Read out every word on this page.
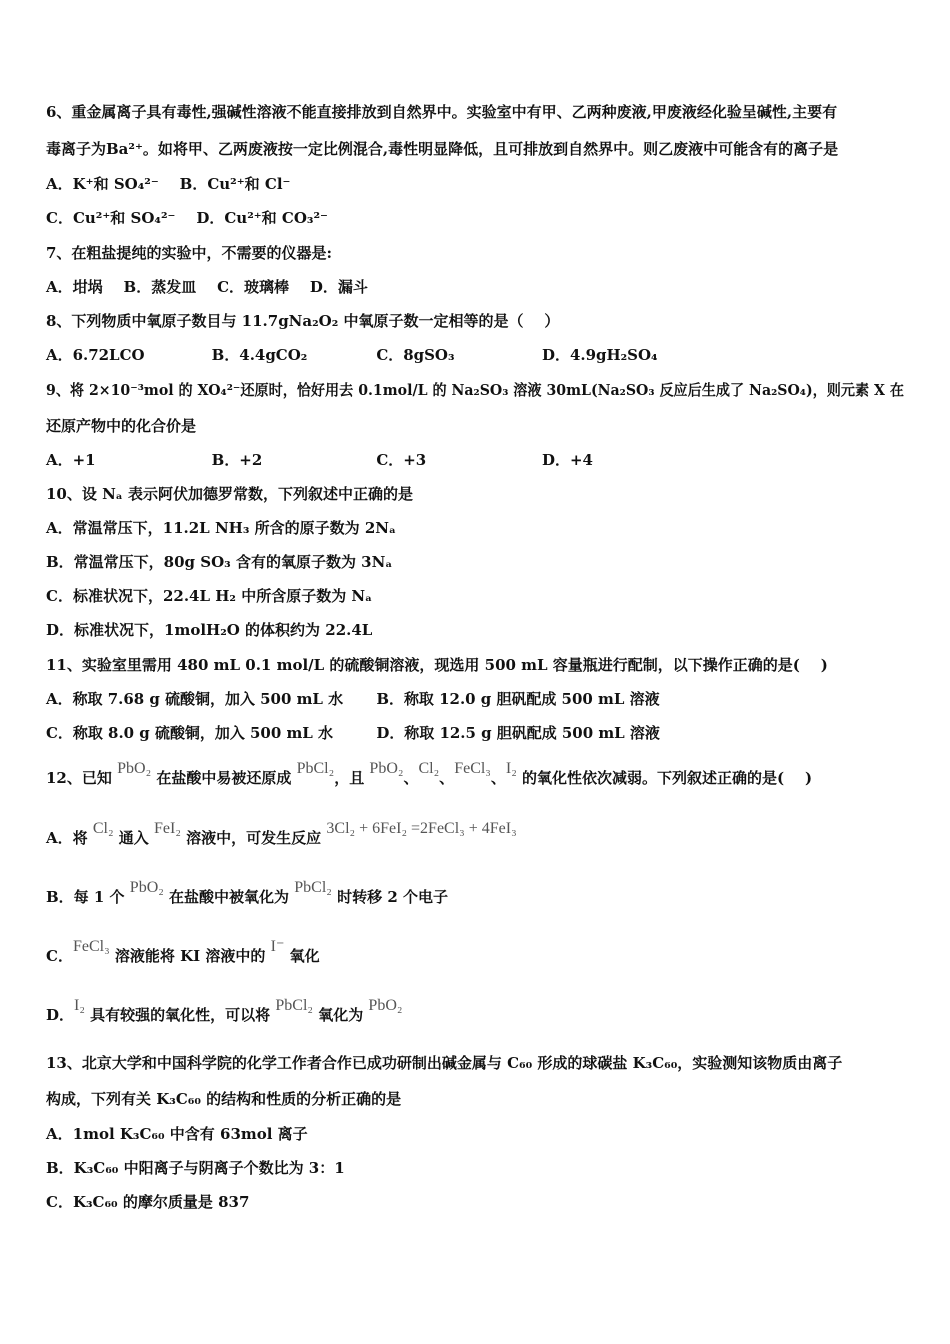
6、重金属离子具有毒性,强碱性溶液不能直接排放到自然界中。实验室中有甲、乙两种废液,甲废液经化验呈碱性,主要有
毒离子为Ba²⁺。如将甲、乙两废液按一定比例混合,毒性明显降低，且可排放到自然界中。则乙废液中可能含有的离子是
A．K⁺和 SO₄²⁻    B．Cu²⁺和 Cl⁻
C．Cu²⁺和 SO₄²⁻    D．Cu²⁺和 CO₃²⁻
7、在粗盐提纯的实验中，不需要的仪器是:
A．坩埚    B．蒸发皿    C．玻璃棒    D．漏斗
8、下列物质中氧原子数目与 11.7gNa₂O₂ 中氧原子数一定相等的是（    ）
A．6.72LCO	B．4.4gCO₂	C．8gSO₃	D．4.9gH₂SO₄
9、将 2×10⁻³mol 的 XO₄²⁻还原时，恰好用去 0.1mol/L 的 Na₂SO₃ 溶液 30mL(Na₂SO₃ 反应后生成了 Na₂SO₄)，则元素 X 在
还原产物中的化合价是
A．+1	B．+2	C．+3	D．+4
10、设 Nₐ 表示阿伏加德罗常数，下列叙述中正确的是
A．常温常压下，11.2L NH₃ 所含的原子数为 2Nₐ
B．常温常压下，80g SO₃ 含有的氧原子数为 3Nₐ
C．标准状况下，22.4L H₂ 中所含原子数为 Nₐ
D．标准状况下，1molH₂O 的体积约为 22.4L
11、实验室里需用 480 mL 0.1 mol/L 的硫酸铜溶液，现选用 500 mL 容量瓶进行配制，以下操作正确的是(    )
A．称取 7.68 g 硫酸铜，加入 500 mL 水 B．称取 12.0 g 胆矾配成 500 mL 溶液
C．称取 8.0 g 硫酸铜，加入 500 mL 水	D．称取 12.5 g 胆矾配成 500 mL 溶液
12、已知 PbO₂ 在盐酸中易被还原成 PbCl₂，且 PbO₂、Cl₂、FeCl₃、I₂ 的氧化性依次减弱。下列叙述正确的是(    )
A．将 Cl₂ 通入 FeI₂ 溶液中，可发生反应 3Cl₂ + 6FeI₂ =2FeCl₃ + 4FeI₃
B．每 1 个 PbO₂ 在盐酸中被氧化为 PbCl₂ 时转移 2 个电子
C．FeCl₃ 溶液能将 KI 溶液中的 I⁻ 氧化
D．I₂ 具有较强的氧化性，可以将 PbCl₂ 氧化为 PbO₂
13、北京大学和中国科学院的化学工作者合作已成功研制出碱金属与 C₆₀ 形成的球碳盐 K₃C₆₀，实验测知该物质由离子
构成，下列有关 K₃C₆₀ 的结构和性质的分析正确的是
A．1mol K₃C₆₀ 中含有 63mol 离子
B．K₃C₆₀ 中阳离子与阴离子个数比为 3：1
C．K₃C₆₀ 的摩尔质量是 837
